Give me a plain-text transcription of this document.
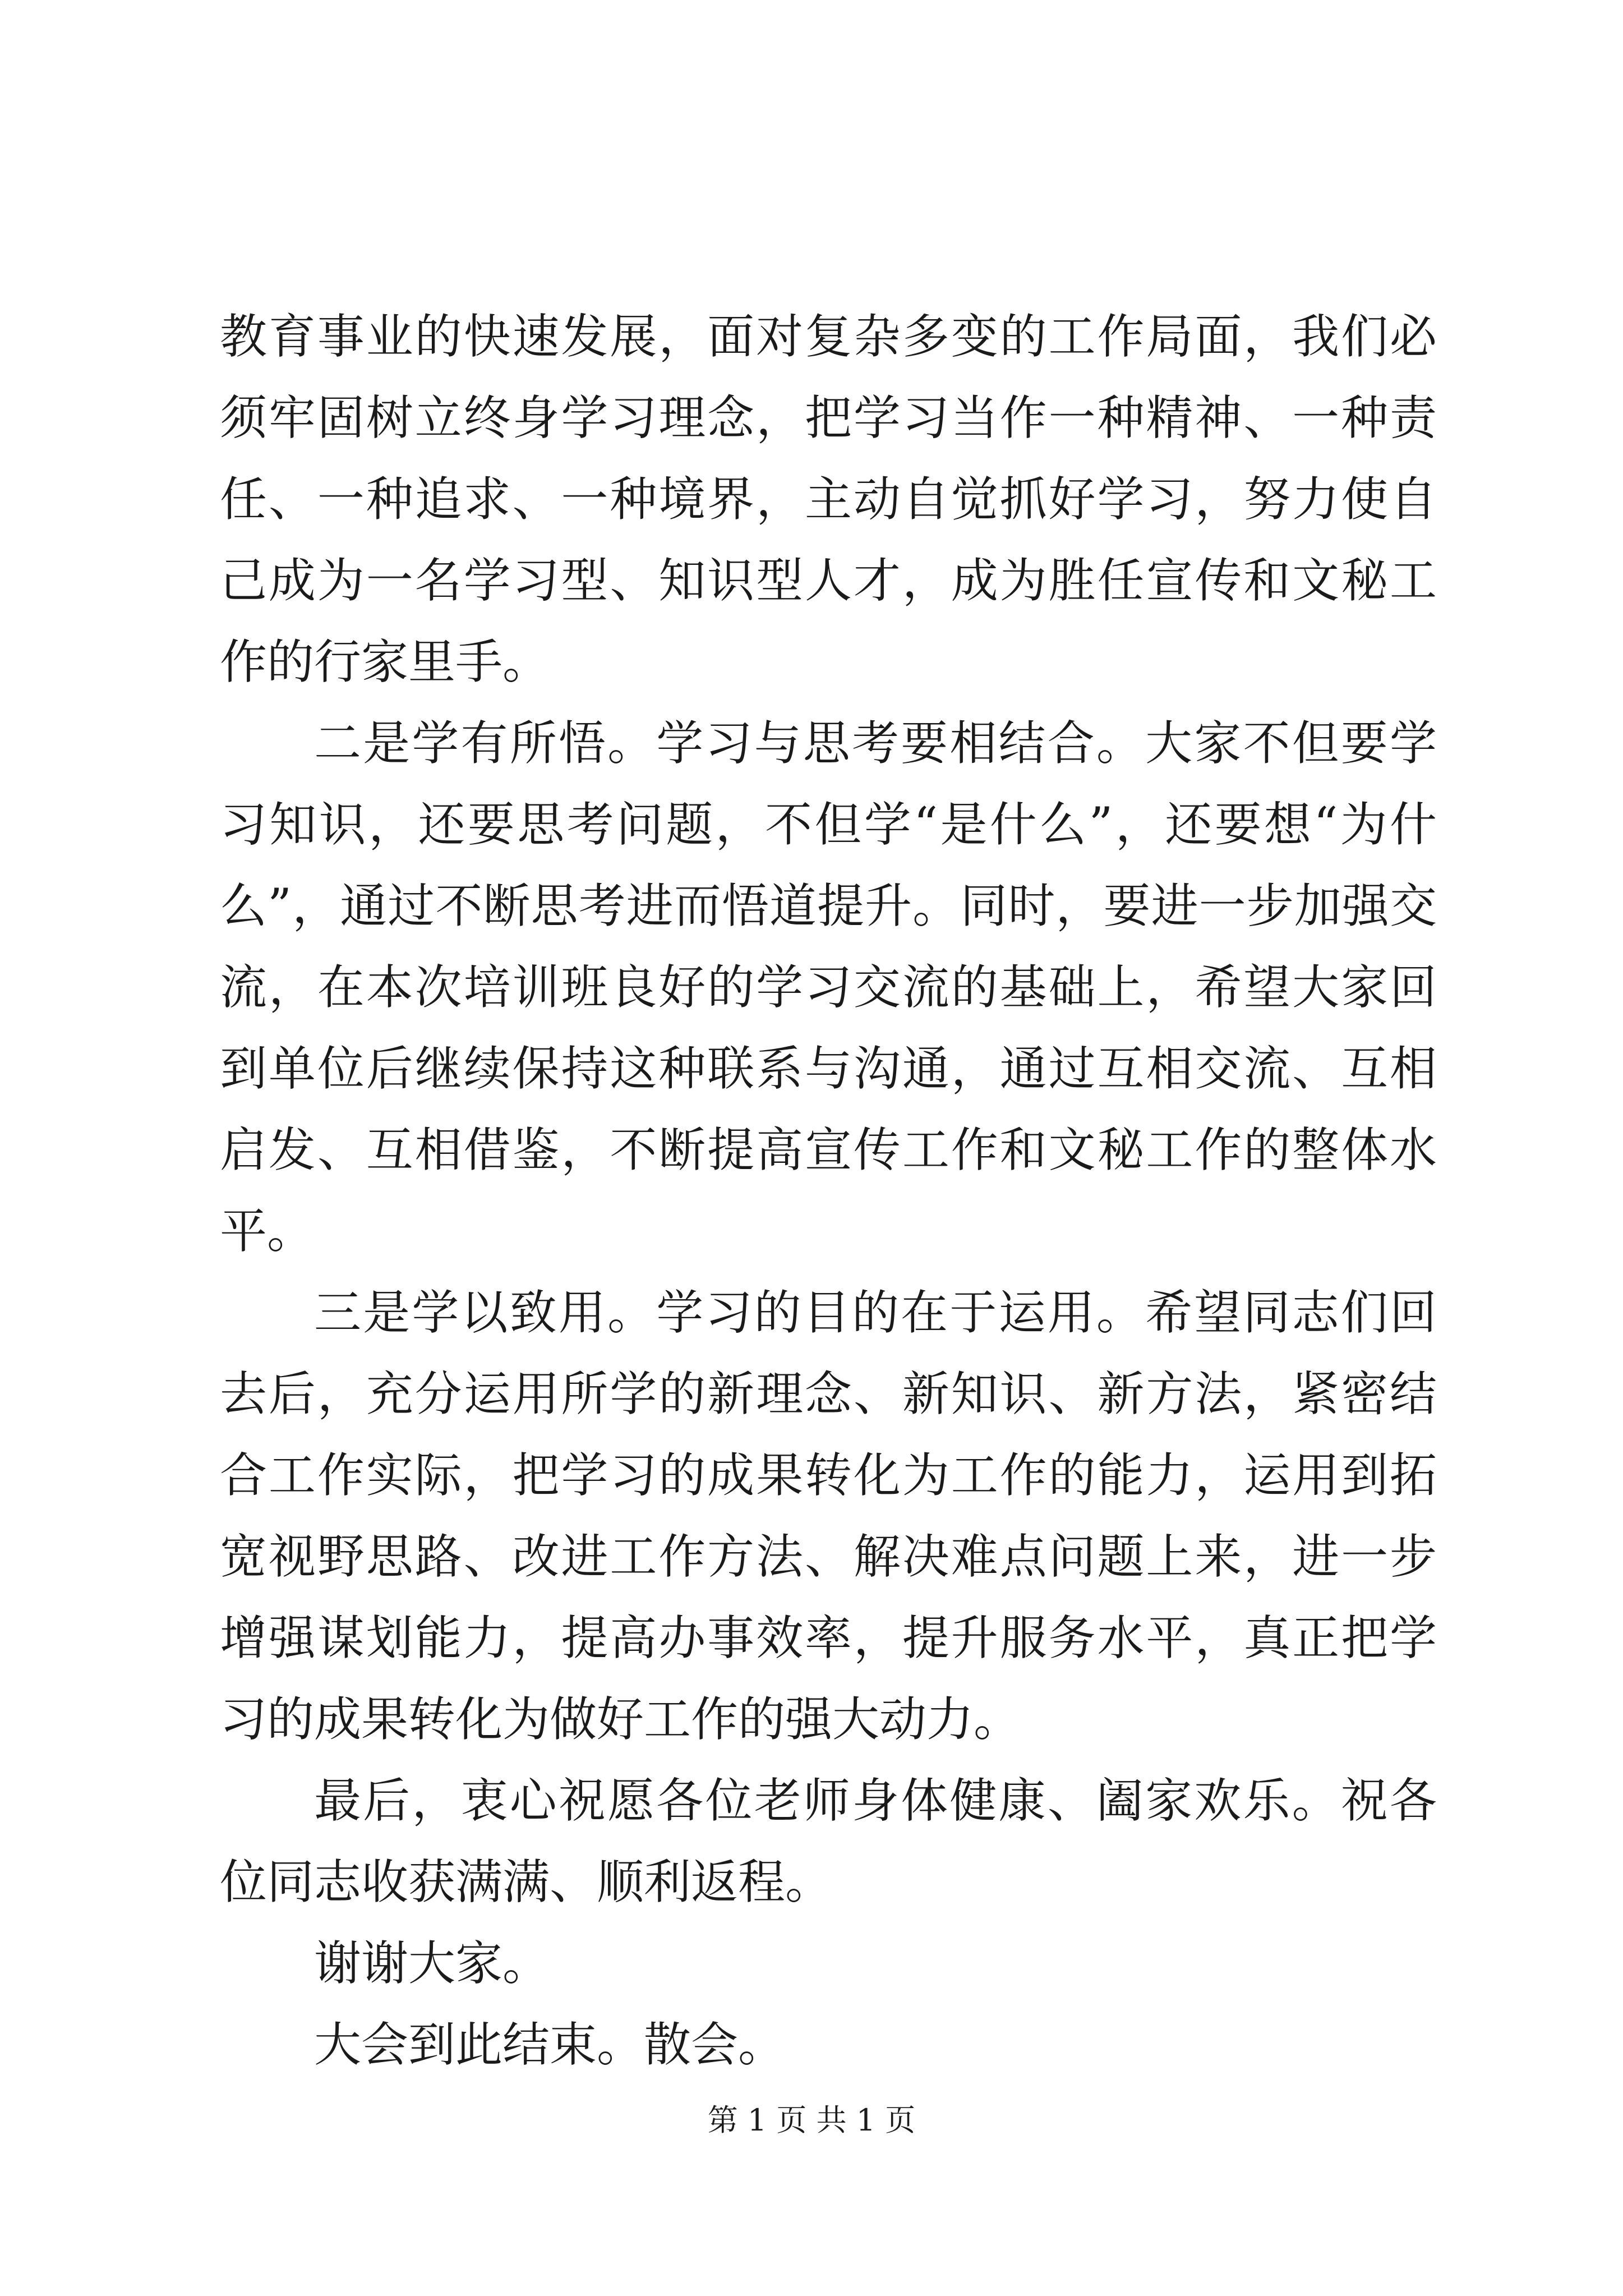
教育事业的快速发展，面对复杂多变的工作局面，我们必须牢固树立终身学习理念，把学习当作一种精神、一种责任、一种追求、一种境界，主动自觉抓好学习，努力使自己成为一名学习型、知识型人才，成为胜任宣传和文秘工作的行家里手。

二是学有所悟。学习与思考要相结合。大家不但要学习知识，还要思考问题，不但学“是什么”，还要想“为什么”，通过不断思考进而悟道提升。同时，要进一步加强交流，在本次培训班良好的学习交流的基础上，希望大家回到单位后继续保持这种联系与沟通，通过互相交流、互相启发、互相借鉴，不断提高宣传工作和文秘工作的整体水平。

三是学以致用。学习的目的在于运用。希望同志们回去后，充分运用所学的新理念、新知识、新方法，紧密结合工作实际，把学习的成果转化为工作的能力，运用到拓宽视野思路、改进工作方法、解决难点问题上来，进一步增强谋划能力，提高办事效率，提升服务水平，真正把学习的成果转化为做好工作的强大动力。

最后，衷心祝愿各位老师身体健康、阖家欢乐。祝各位同志收获满满、顺利返程。

谢谢大家。

大会到此结束。散会。

第 1 页 共 1 页
